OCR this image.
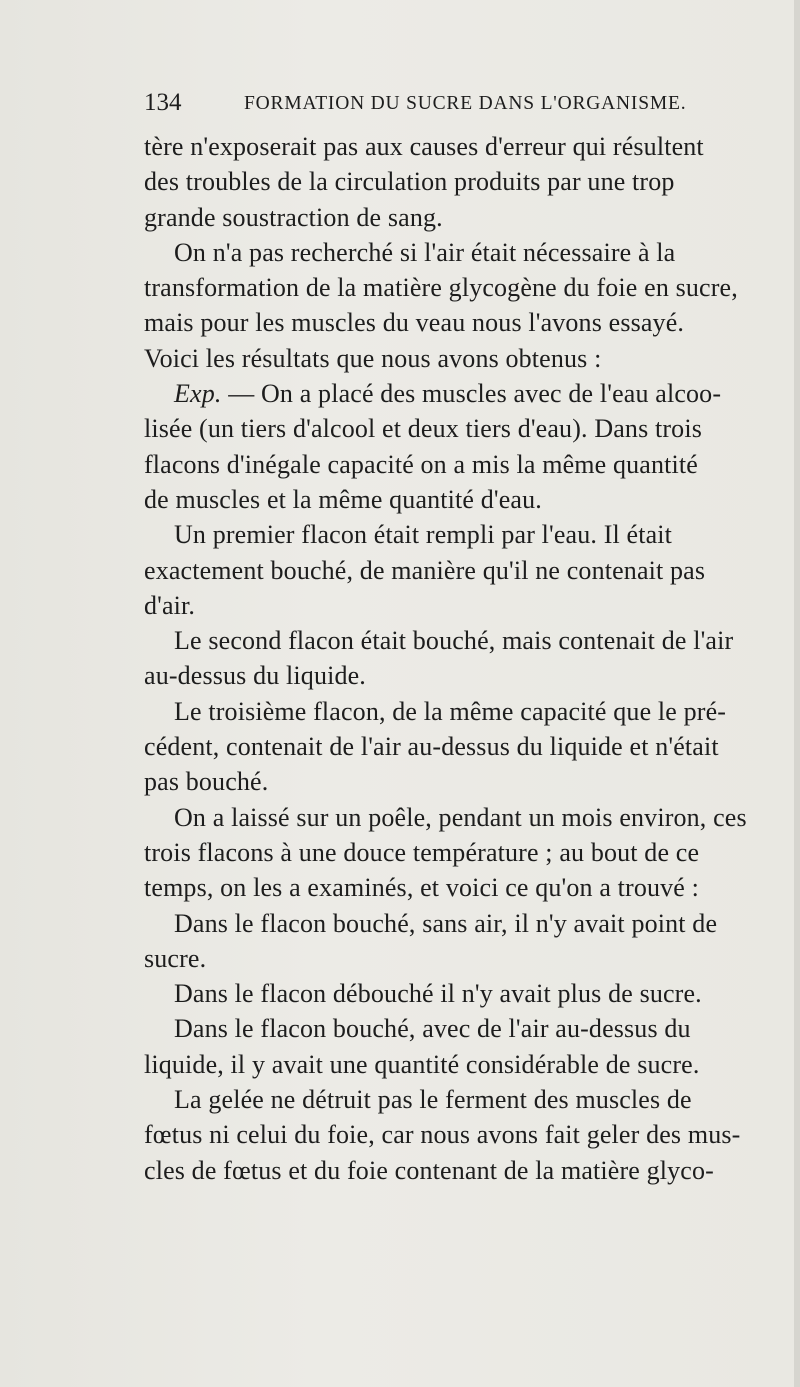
134	FORMATION DU SUCRE DANS L'ORGANISME.
tère n'exposerait pas aux causes d'erreur qui résultent
des troubles de la circulation produits par une trop
grande soustraction de sang.
On n'a pas recherché si l'air était nécessaire à la
transformation de la matière glycogène du foie en sucre,
mais pour les muscles du veau nous l'avons essayé.
Voici les résultats que nous avons obtenus :
Exp. — On a placé des muscles avec de l'eau alcoo-
lisée (un tiers d'alcool et deux tiers d'eau). Dans trois
flacons d'inégale capacité on a mis la même quantité
de muscles et la même quantité d'eau.
Un premier flacon était rempli par l'eau. Il était
exactement bouché, de manière qu'il ne contenait pas
d'air.
Le second flacon était bouché, mais contenait de l'air
au-dessus du liquide.
Le troisième flacon, de la même capacité que le pré-
cédent, contenait de l'air au-dessus du liquide et n'était
pas bouché.
On a laissé sur un poêle, pendant un mois environ, ces
trois flacons à une douce température ; au bout de ce
temps, on les a examinés, et voici ce qu'on a trouvé :
Dans le flacon bouché, sans air, il n'y avait point de
sucre.
Dans le flacon débouché il n'y avait plus de sucre.
Dans le flacon bouché, avec de l'air au-dessus du
liquide, il y avait une quantité considérable de sucre.
La gelée ne détruit pas le ferment des muscles de
fœtus ni celui du foie, car nous avons fait geler des mus-
cles de fœtus et du foie contenant de la matière glyco-
